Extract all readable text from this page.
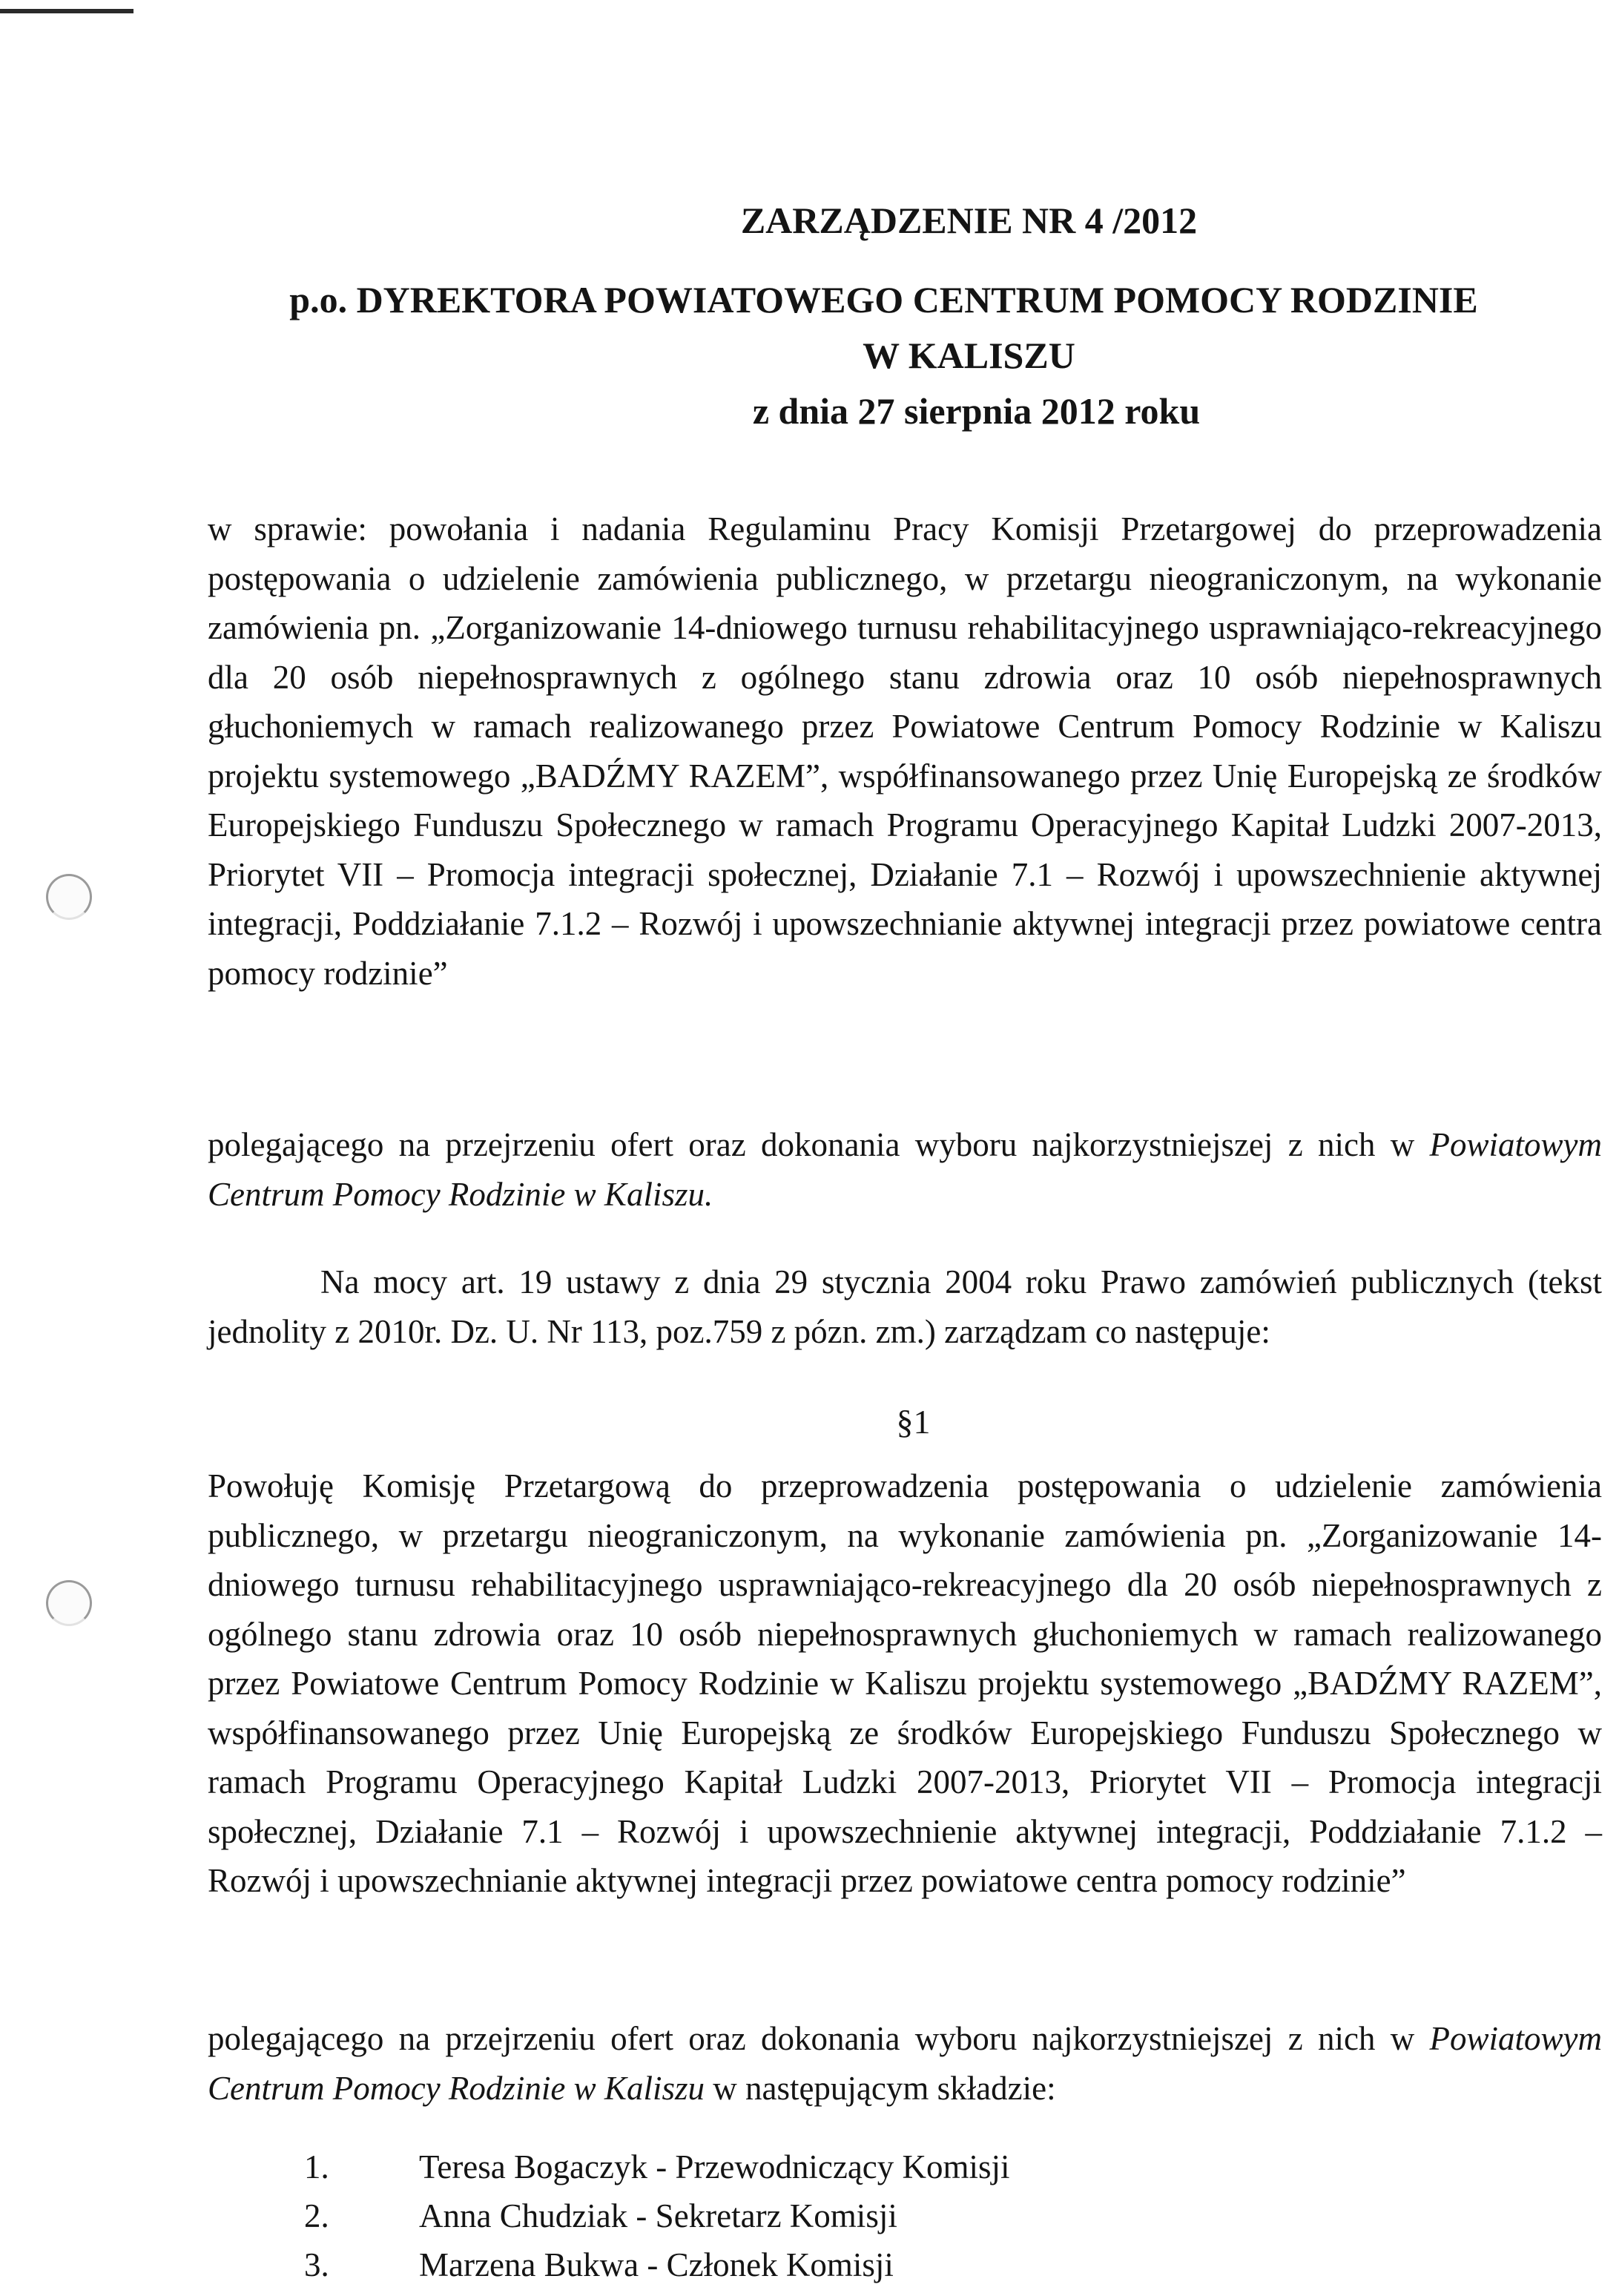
ZARZĄDZENIE NR 4 /2012

p.o. DYREKTORA POWIATOWEGO CENTRUM POMOCY RODZINIE

W KALISZU

z dnia 27 sierpnia 2012 roku

w sprawie: powołania i nadania Regulaminu Pracy Komisji Przetargowej do przeprowadzenia postępowania o udzielenie zamówienia publicznego, w przetargu nieograniczonym, na wykonanie zamówienia pn. „Zorganizowanie 14-dniowego turnusu rehabilitacyjnego usprawniająco-rekreacyjnego dla 20 osób niepełnosprawnych z ogólnego stanu zdrowia oraz 10 osób niepełnosprawnych głuchoniemych w ramach realizowanego przez Powiatowe Centrum Pomocy Rodzinie w Kaliszu projektu systemowego „BADŹMY RAZEM”, współfinansowanego przez Unię Europejską ze środków Europejskiego Funduszu Społecznego w ramach Programu Operacyjnego Kapitał Ludzki 2007-2013, Priorytet VII – Promocja integracji społecznej, Działanie 7.1 – Rozwój i upowszechnienie aktywnej integracji, Poddziałanie 7.1.2 – Rozwój i upowszechnianie aktywnej integracji przez powiatowe centra pomocy rodzinie”

polegającego na przejrzeniu ofert oraz dokonania wyboru najkorzystniejszej z nich w Powiatowym Centrum Pomocy Rodzinie w Kaliszu.

Na mocy art. 19 ustawy z dnia 29 stycznia 2004 roku Prawo zamówień publicznych (tekst jednolity z 2010r. Dz. U. Nr 113, poz.759 z pózn. zm.) zarządzam co następuje:

§1

Powołuję Komisję Przetargową do przeprowadzenia postępowania o udzielenie zamówienia publicznego, w przetargu nieograniczonym, na wykonanie zamówienia pn. „Zorganizowanie 14-dniowego turnusu rehabilitacyjnego usprawniająco-rekreacyjnego dla 20 osób niepełnosprawnych z ogólnego stanu zdrowia oraz 10 osób niepełnosprawnych głuchoniemych w ramach realizowanego przez Powiatowe Centrum Pomocy Rodzinie w Kaliszu projektu systemowego „BADŹMY RAZEM”, współfinansowanego przez Unię Europejską ze środków Europejskiego Funduszu Społecznego w ramach Programu Operacyjnego Kapitał Ludzki 2007-2013, Priorytet VII – Promocja integracji społecznej, Działanie 7.1 – Rozwój i upowszechnienie aktywnej integracji, Poddziałanie 7.1.2 – Rozwój i upowszechnianie aktywnej integracji przez powiatowe centra pomocy rodzinie”

polegającego na przejrzeniu ofert oraz dokonania wyboru najkorzystniejszej z nich w Powiatowym Centrum Pomocy Rodzinie w Kaliszu w następującym składzie:

1.	Teresa Bogaczyk - Przewodniczący Komisji
2.	Anna Chudziak - Sekretarz Komisji
3.	Marzena Bukwa - Członek Komisji
